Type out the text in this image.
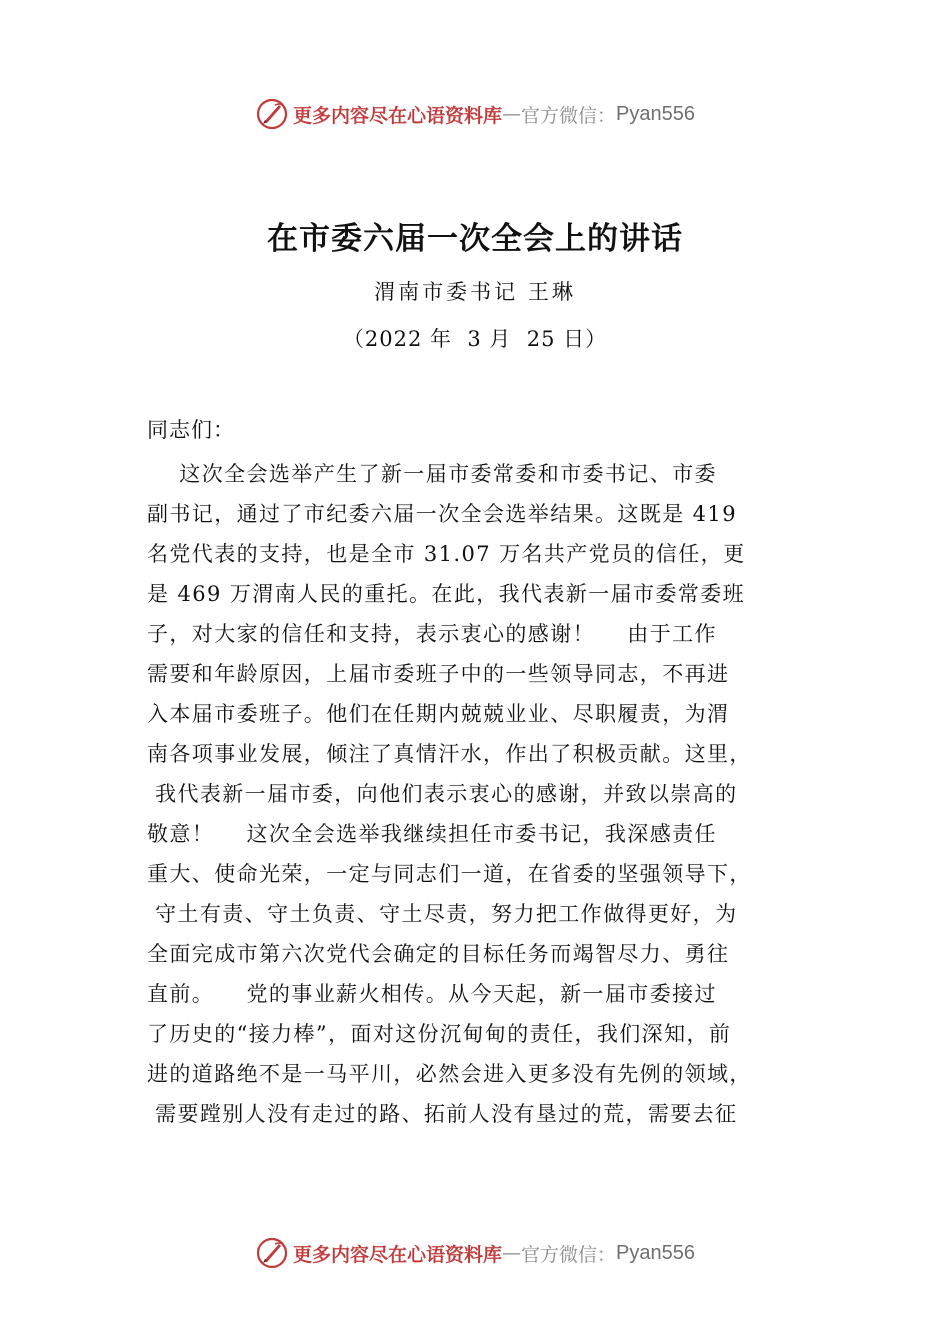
更多内容尽在心语资料库 — 官方微信： Pyan556
在市委六届一次全会上的讲话
渭南市委书记 王琳
（2022 年  3 月  25 日）
同志们：
这次全会选举产生了新一届市委常委和市委书记、市委
副书记，通过了市纪委六届一次全会选举结果。这既是 419
名党代表的支持，也是全市 31.07 万名共产党员的信任，更
是 469 万渭南人民的重托。在此，我代表新一届市委常委班
子，对大家的信任和支持，表示衷心的感谢！    由于工作
需要和年龄原因，上届市委班子中的一些领导同志，不再进
入本届市委班子。他们在任期内兢兢业业、尽职履责，为渭
南各项事业发展，倾注了真情汗水，作出了积极贡献。这里，
我代表新一届市委，向他们表示衷心的感谢，并致以崇高的
敬意！    这次全会选举我继续担任市委书记，我深感责任
重大、使命光荣，一定与同志们一道，在省委的坚强领导下，
守土有责、守土负责、守土尽责，努力把工作做得更好，为
全面完成市第六次党代会确定的目标任务而竭智尽力、勇往
直前。    党的事业薪火相传。从今天起，新一届市委接过
了历史的“接力棒”，面对这份沉甸甸的责任，我们深知，前
进的道路绝不是一马平川，必然会进入更多没有先例的领域，
需要蹚别人没有走过的路、拓前人没有垦过的荒，需要去征
更多内容尽在心语资料库 — 官方微信： Pyan556
